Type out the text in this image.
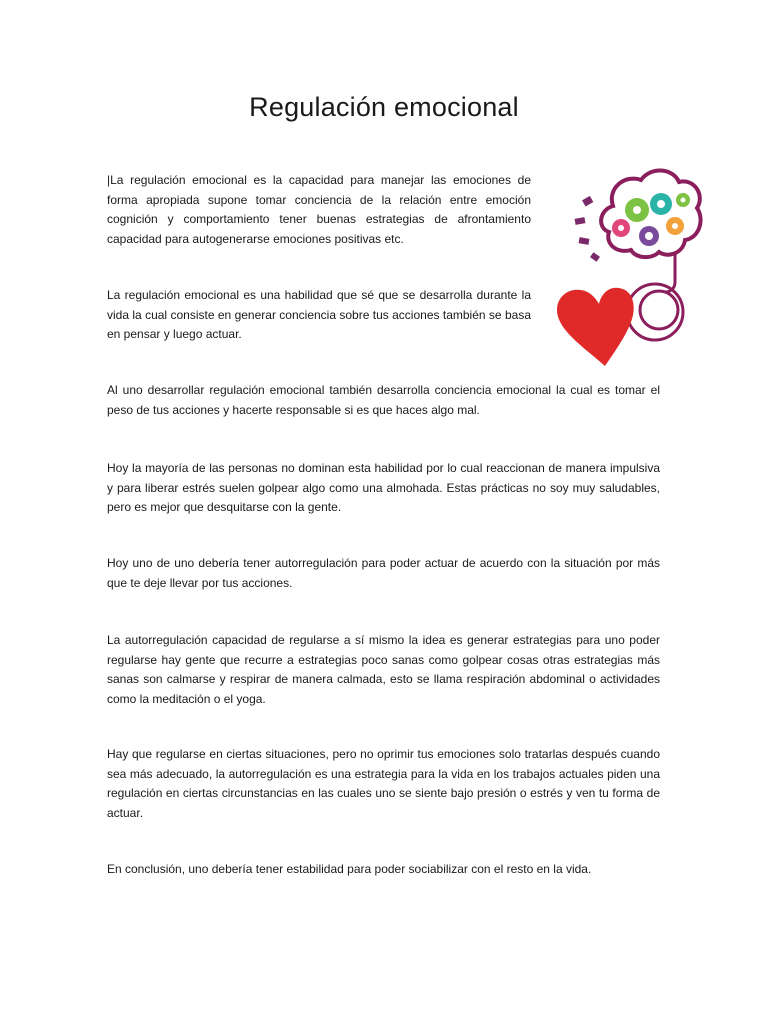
Regulación emocional

|La regulación emocional es la capacidad para manejar las emociones de forma apropiada supone tomar conciencia de la relación entre emoción cognición y comportamiento tener buenas estrategias de afrontamiento capacidad para autogenerarse emociones positivas etc.

La regulación emocional es una habilidad que sé que se desarrolla durante la vida la cual consiste en generar conciencia sobre tus acciones también se basa en pensar y luego actuar.

Al uno desarrollar regulación emocional también desarrolla conciencia emocional la cual es tomar el peso de tus acciones y hacerte responsable si es que haces algo mal.

Hoy la mayoría de las personas no dominan esta habilidad por lo cual reaccionan de manera impulsiva y para liberar estrés suelen golpear algo como una almohada. Estas prácticas no soy muy saludables, pero es mejor que desquitarse con la gente.

Hoy uno de uno debería tener autorregulación para poder actuar de acuerdo con la situación por más que te deje llevar por tus acciones.

La autorregulación capacidad de regularse a sí mismo la idea es generar estrategias para uno poder regularse hay gente que recurre a estrategias poco sanas como golpear cosas otras estrategias más sanas son calmarse y respirar de manera calmada, esto se llama respiración abdominal o actividades como la meditación o el yoga.

Hay que regularse en ciertas situaciones, pero no oprimir tus emociones solo tratarlas después cuando sea más adecuado, la autorregulación es una estrategia para la vida en los trabajos actuales piden una regulación en ciertas circunstancias en las cuales uno se siente bajo presión o estrés y ven tu forma de actuar.

En conclusión, uno debería tener estabilidad para poder sociabilizar con el resto en la vida.
